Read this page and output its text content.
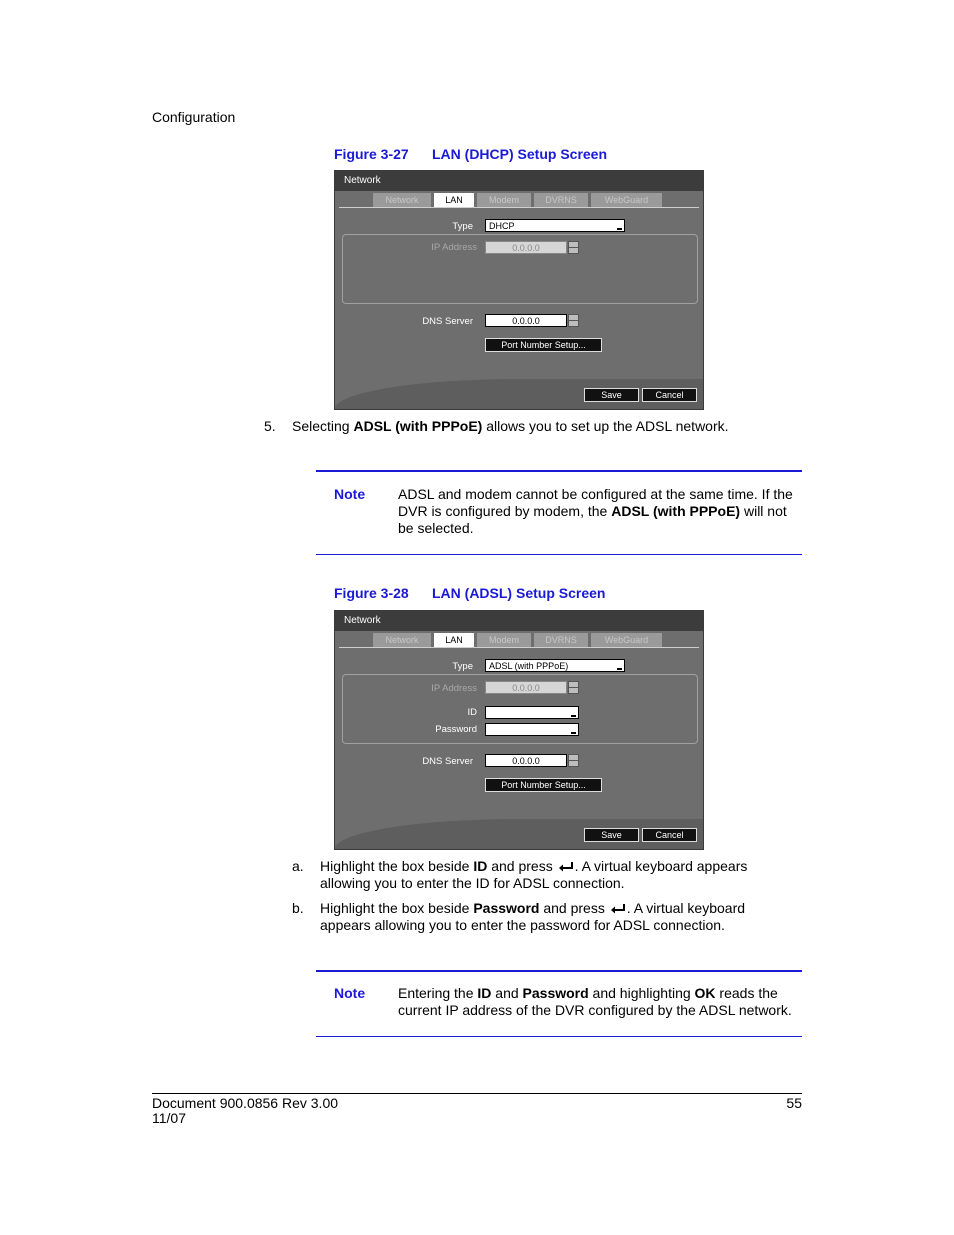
Configuration
Figure 3-27 LAN (DHCP) Setup Screen
Network
Network	LAN	Modem	DVRNS	WebGuard
Type	DHCP
IP Address	0.0.0.0
DNS Server	0.0.0.0
Port Number Setup...
Save	Cancel
5. Selecting ADSL (with PPPoE) allows you to set up the ADSL network.
Note ADSL and modem cannot be configured at the same time. If the DVR is configured by modem, the ADSL (with PPPoE) will not be selected.
Figure 3-28 LAN (ADSL) Setup Screen
Network
Network	LAN	Modem	DVRNS	WebGuard
Type	ADSL (with PPPoE)
IP Address	0.0.0.0
ID
Password
DNS Server	0.0.0.0
Port Number Setup...
Save	Cancel
a. Highlight the box beside ID and press . A virtual keyboard appears allowing you to enter the ID for ADSL connection.
b. Highlight the box beside Password and press . A virtual keyboard appears allowing you to enter the password for ADSL connection.
Note Entering the ID and Password and highlighting OK reads the current IP address of the DVR configured by the ADSL network.
Document 900.0856 Rev 3.00
11/07
55
